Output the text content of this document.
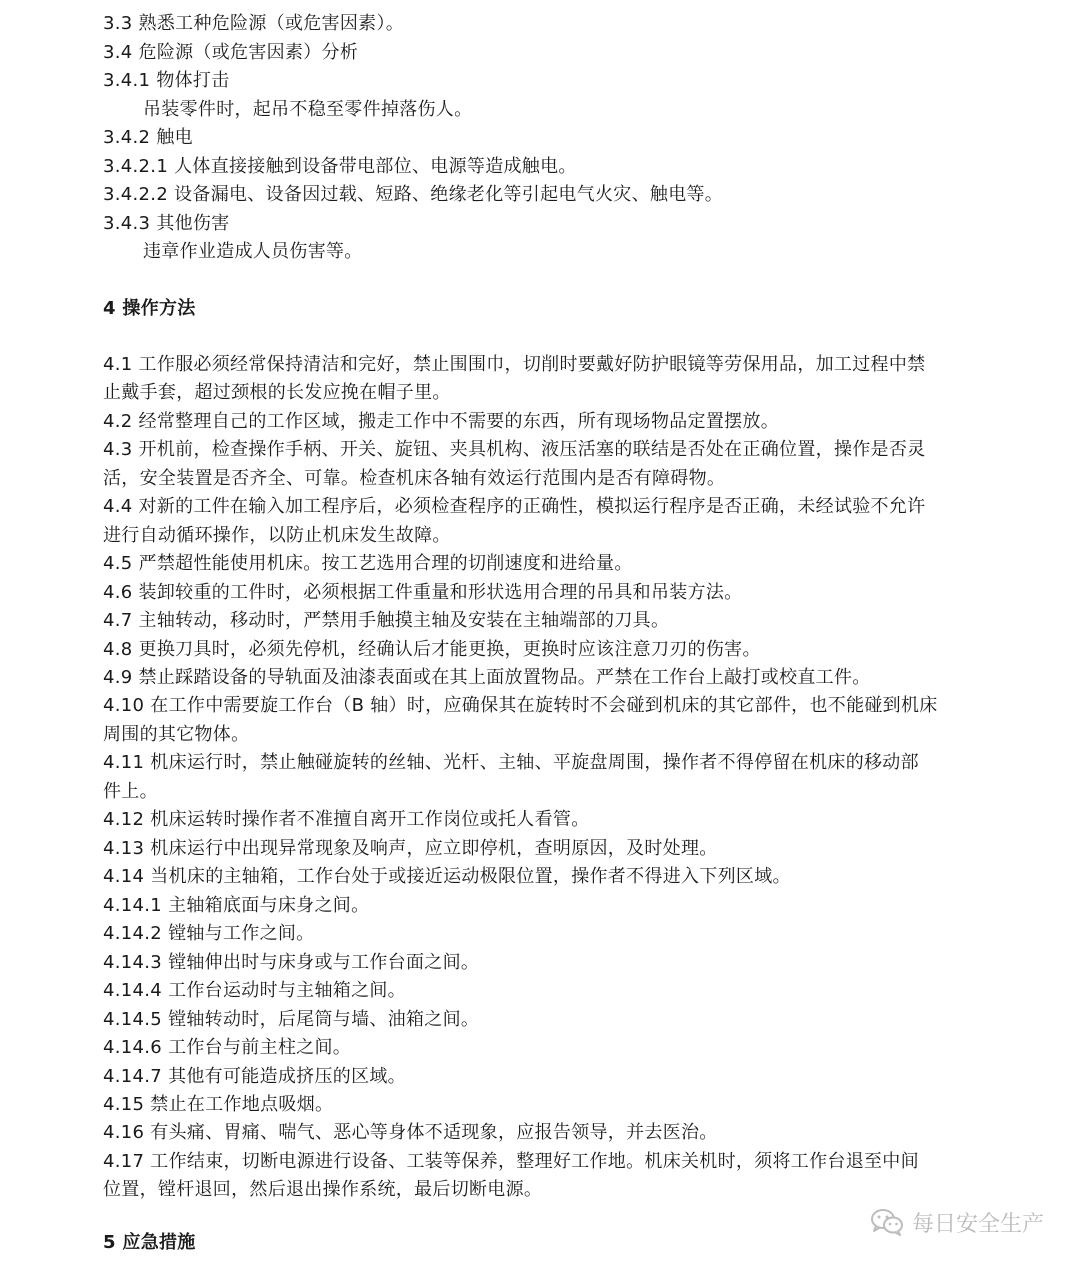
3.3 熟悉工种危险源（或危害因素）。
3.4 危险源（或危害因素）分析
3.4.1 物体打击
吊装零件时，起吊不稳至零件掉落伤人。
3.4.2 触电
3.4.2.1 人体直接接触到设备带电部位、电源等造成触电。
3.4.2.2 设备漏电、设备因过载、短路、绝缘老化等引起电气火灾、触电等。
3.4.3 其他伤害
违章作业造成人员伤害等。
4 操作方法
4.1 工作服必须经常保持清洁和完好，禁止围围巾，切削时要戴好防护眼镜等劳保用品，加工过程中禁
止戴手套，超过颈根的长发应挽在帽子里。
4.2 经常整理自己的工作区域，搬走工作中不需要的东西，所有现场物品定置摆放。
4.3 开机前，检查操作手柄、开关、旋钮、夹具机构、液压活塞的联结是否处在正确位置，操作是否灵
活，安全装置是否齐全、可靠。检查机床各轴有效运行范围内是否有障碍物。
4.4 对新的工件在输入加工程序后，必须检查程序的正确性，模拟运行程序是否正确，未经试验不允许
进行自动循环操作，以防止机床发生故障。
4.5 严禁超性能使用机床。按工艺选用合理的切削速度和进给量。
4.6 装卸较重的工件时，必须根据工件重量和形状选用合理的吊具和吊装方法。
4.7 主轴转动，移动时，严禁用手触摸主轴及安装在主轴端部的刀具。
4.8 更换刀具时，必须先停机，经确认后才能更换，更换时应该注意刀刃的伤害。
4.9 禁止踩踏设备的导轨面及油漆表面或在其上面放置物品。严禁在工作台上敲打或校直工件。
4.10 在工作中需要旋工作台（B 轴）时，应确保其在旋转时不会碰到机床的其它部件，也不能碰到机床
周围的其它物体。
4.11 机床运行时，禁止触碰旋转的丝轴、光杆、主轴、平旋盘周围，操作者不得停留在机床的移动部
件上。
4.12 机床运转时操作者不准擅自离开工作岗位或托人看管。
4.13 机床运行中出现异常现象及响声，应立即停机，查明原因，及时处理。
4.14 当机床的主轴箱，工作台处于或接近运动极限位置，操作者不得进入下列区域。
4.14.1 主轴箱底面与床身之间。
4.14.2 镗轴与工作之间。
4.14.3 镗轴伸出时与床身或与工作台面之间。
4.14.4 工作台运动时与主轴箱之间。
4.14.5 镗轴转动时，后尾筒与墙、油箱之间。
4.14.6 工作台与前主柱之间。
4.14.7 其他有可能造成挤压的区域。
4.15 禁止在工作地点吸烟。
4.16 有头痛、胃痛、喘气、恶心等身体不适现象，应报告领导，并去医治。
4.17 工作结束，切断电源进行设备、工装等保养，整理好工作地。机床关机时，须将工作台退至中间
位置，镗杆退回，然后退出操作系统，最后切断电源。
5 应急措施
每日安全生产
